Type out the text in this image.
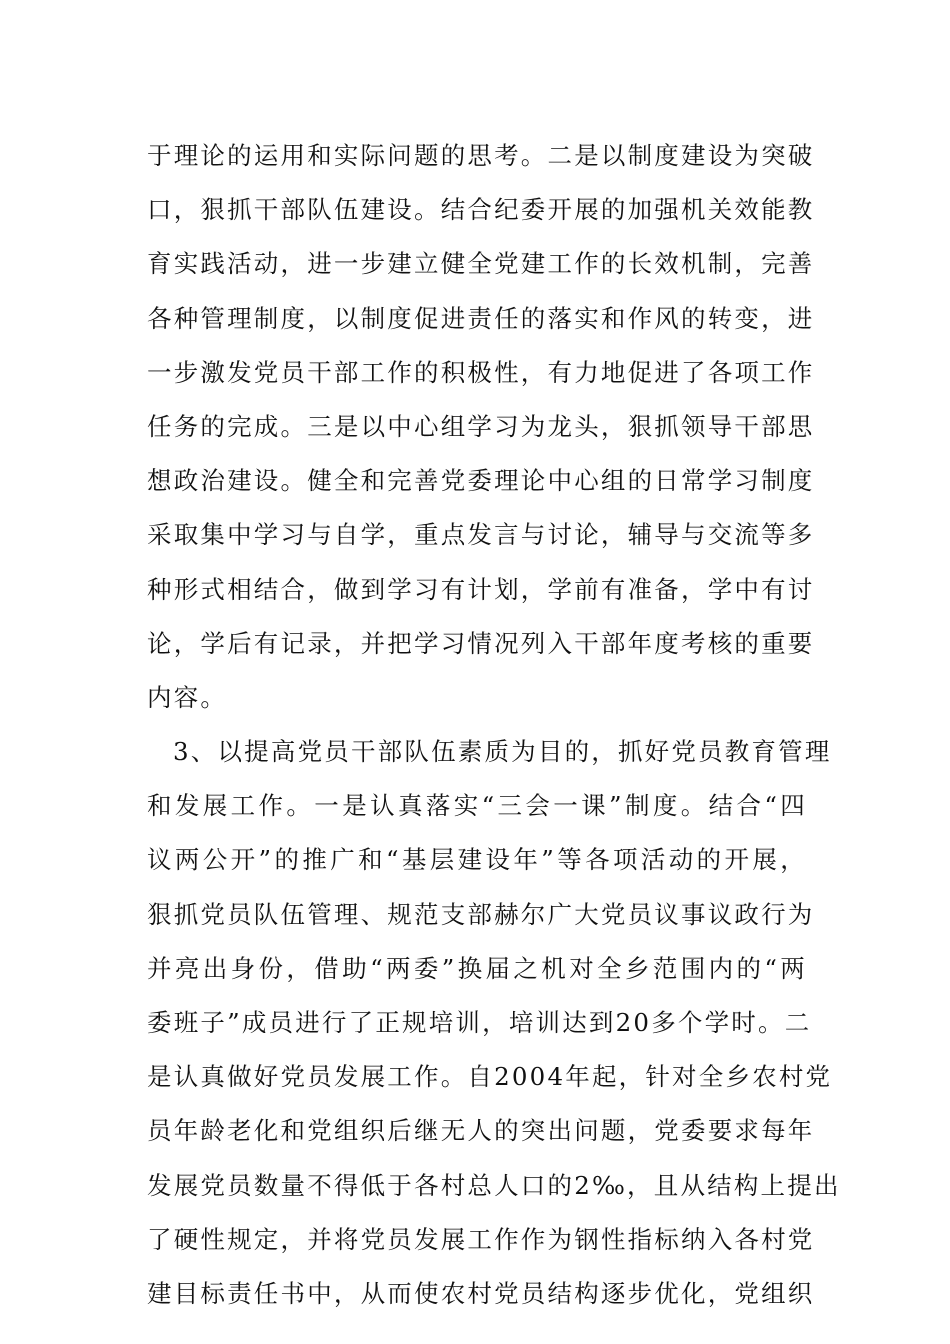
于理论的运用和实际问题的思考。二是以制度建设为突破
口，狠抓干部队伍建设。结合纪委开展的加强机关效能教
育实践活动，进一步建立健全党建工作的长效机制，完善
各种管理制度，以制度促进责任的落实和作风的转变，进
一步激发党员干部工作的积极性，有力地促进了各项工作
任务的完成。三是以中心组学习为龙头，狠抓领导干部思
想政治建设。健全和完善党委理论中心组的日常学习制度
采取集中学习与自学，重点发言与讨论，辅导与交流等多
种形式相结合，做到学习有计划，学前有准备，学中有讨
论，学后有记录，并把学习情况列入干部年度考核的重要
内容。
3、以提高党员干部队伍素质为目的，抓好党员教育管理
和发展工作。一是认真落实“三会一课”制度。结合“四
议两公开”的推广和“基层建设年”等各项活动的开展，
狠抓党员队伍管理、规范支部赫尔广大党员议事议政行为
并亮出身份，借助“两委”换届之机对全乡范围内的“两
委班子”成员进行了正规培训，培训达到20多个学时。二
是认真做好党员发展工作。自2004年起，针对全乡农村党
员年龄老化和党组织后继无人的突出问题，党委要求每年
发展党员数量不得低于各村总人口的2‰，且从结构上提出
了硬性规定，并将党员发展工作作为钢性指标纳入各村党
建目标责任书中，从而使农村党员结构逐步优化，党组织
